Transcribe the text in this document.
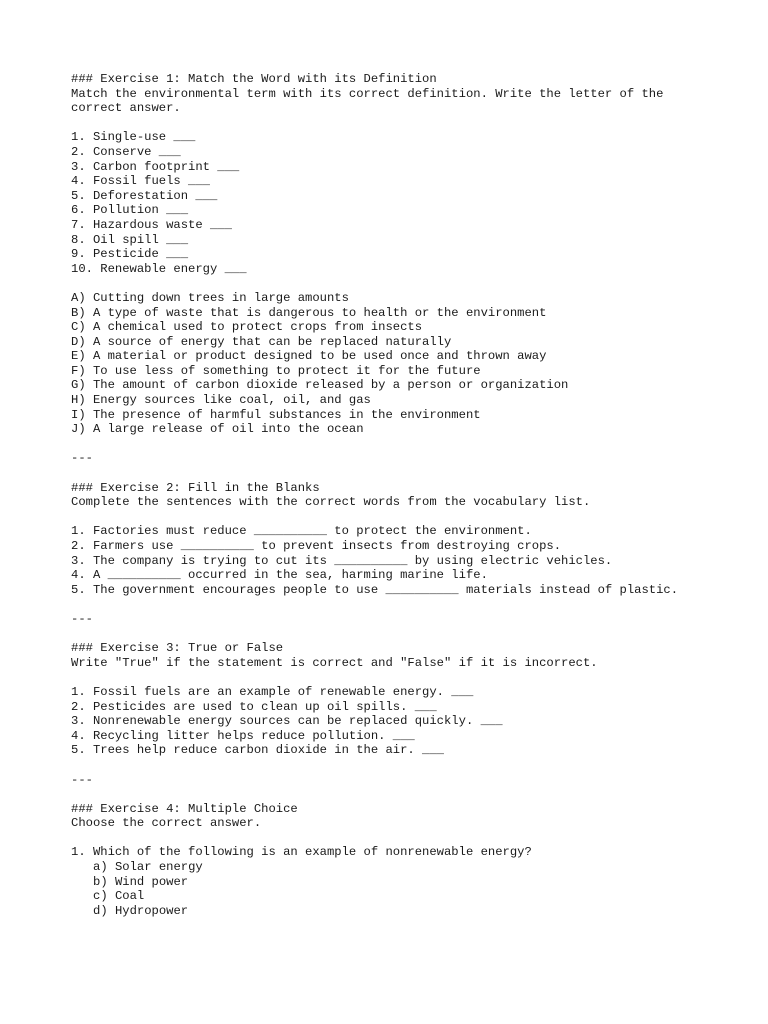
### Exercise 1: Match the Word with its Definition
Match the environmental term with its correct definition. Write the letter of the
correct answer.
1. Single-use ___
2. Conserve ___
3. Carbon footprint ___
4. Fossil fuels ___
5. Deforestation ___
6. Pollution ___
7. Hazardous waste ___
8. Oil spill ___
9. Pesticide ___
10. Renewable energy ___
A) Cutting down trees in large amounts
B) A type of waste that is dangerous to health or the environment
C) A chemical used to protect crops from insects
D) A source of energy that can be replaced naturally
E) A material or product designed to be used once and thrown away
F) To use less of something to protect it for the future
G) The amount of carbon dioxide released by a person or organization
H) Energy sources like coal, oil, and gas
I) The presence of harmful substances in the environment
J) A large release of oil into the ocean
---
### Exercise 2: Fill in the Blanks
Complete the sentences with the correct words from the vocabulary list.
1. Factories must reduce __________ to protect the environment.
2. Farmers use __________ to prevent insects from destroying crops.
3. The company is trying to cut its __________ by using electric vehicles.
4. A __________ occurred in the sea, harming marine life.
5. The government encourages people to use __________ materials instead of plastic.
---
### Exercise 3: True or False
Write "True" if the statement is correct and "False" if it is incorrect.
1. Fossil fuels are an example of renewable energy. ___
2. Pesticides are used to clean up oil spills. ___
3. Nonrenewable energy sources can be replaced quickly. ___
4. Recycling litter helps reduce pollution. ___
5. Trees help reduce carbon dioxide in the air. ___
---
### Exercise 4: Multiple Choice
Choose the correct answer.
1. Which of the following is an example of nonrenewable energy?
a) Solar energy
b) Wind power
c) Coal
d) Hydropower
